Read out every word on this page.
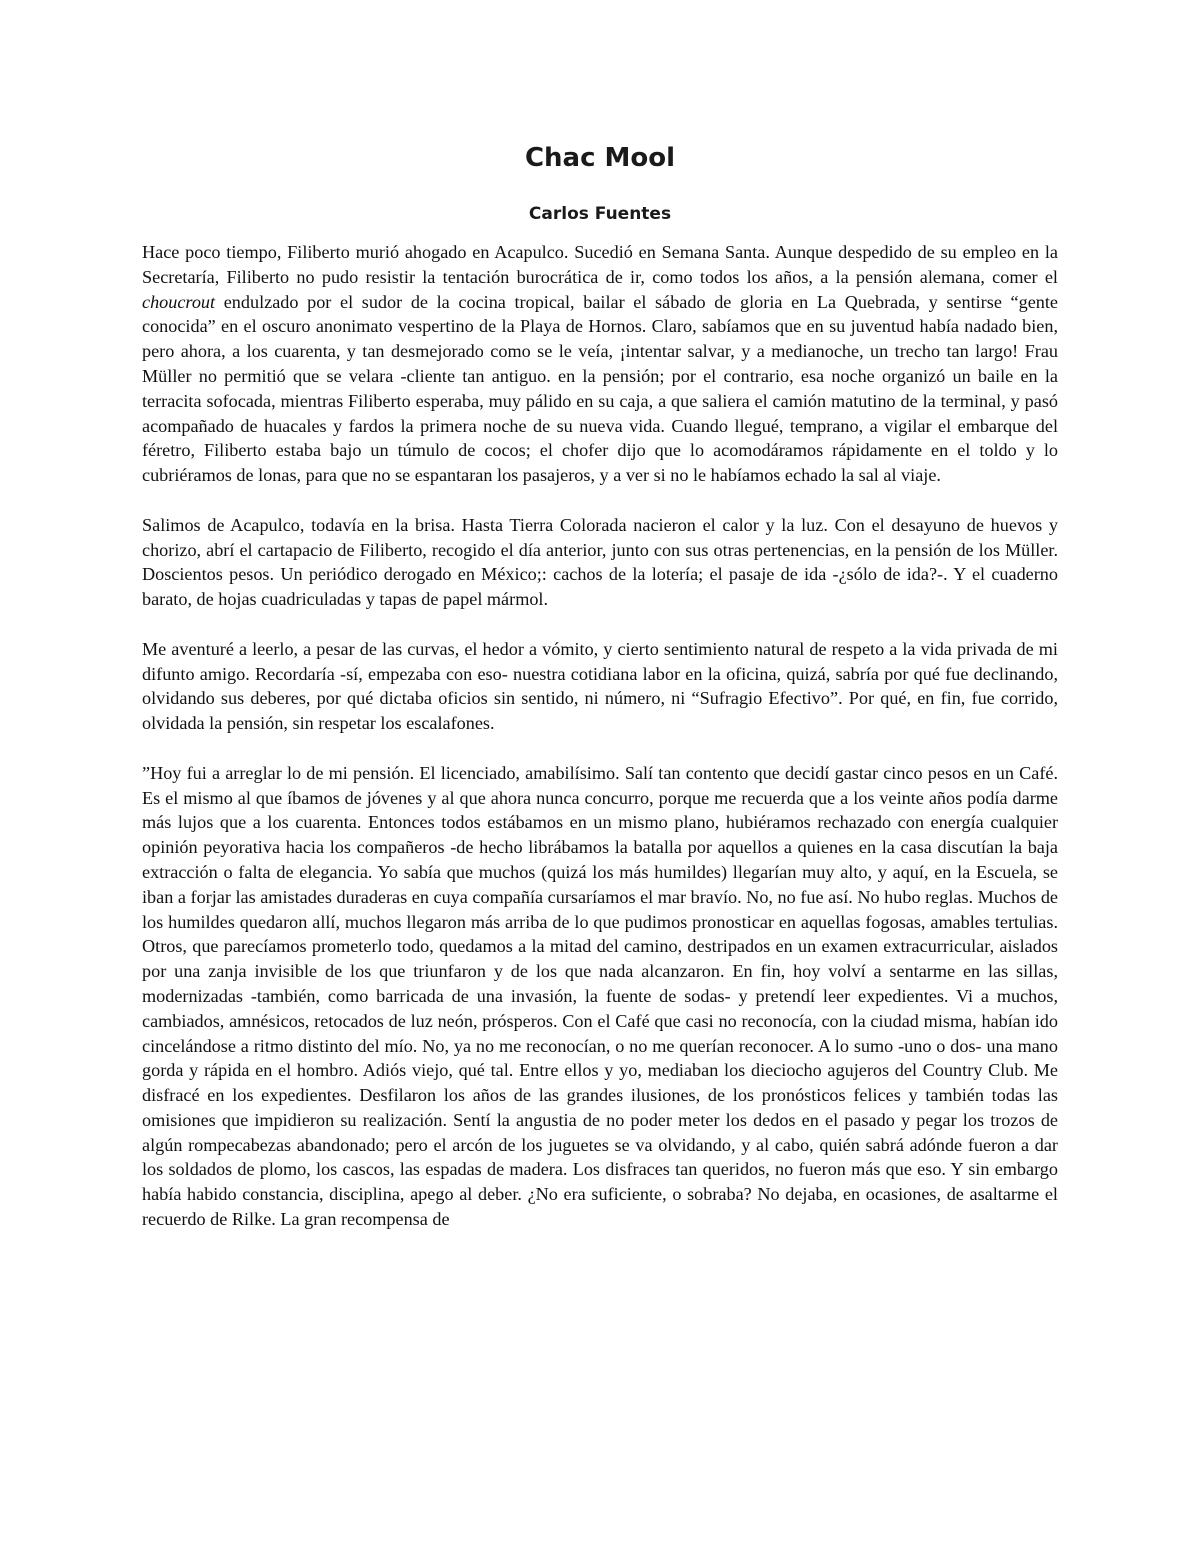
Chac Mool
Carlos Fuentes

Hace poco tiempo, Filiberto murió ahogado en Acapulco. Sucedió en Semana Santa. Aunque despedido de su empleo en la Secretaría, Filiberto no pudo resistir la tentación burocrática de ir, como todos los años, a la pensión alemana, comer el choucrout endulzado por el sudor de la cocina tropical, bailar el sábado de gloria en La Quebrada, y sentirse “gente conocida” en el oscuro anonimato vespertino de la Playa de Hornos. Claro, sabíamos que en su juventud había nadado bien, pero ahora, a los cuarenta, y tan desmejorado como se le veía, ¡intentar salvar, y a medianoche, un trecho tan largo! Frau Müller no permitió que se velara -cliente tan antiguo. en la pensión; por el contrario, esa noche organizó un baile en la terracita sofocada, mientras Filiberto esperaba, muy pálido en su caja, a que saliera el camión matutino de la terminal, y pasó acompañado de huacales y fardos la primera noche de su nueva vida. Cuando llegué, temprano, a vigilar el embarque del féretro, Filiberto estaba bajo un túmulo de cocos; el chofer dijo que lo acomodáramos rápidamente en el toldo y lo cubriéramos de lonas, para que no se espantaran los pasajeros, y a ver si no le habíamos echado la sal al viaje.

Salimos de Acapulco, todavía en la brisa. Hasta Tierra Colorada nacieron el calor y la luz. Con el desayuno de huevos y chorizo, abrí el cartapacio de Filiberto, recogido el día anterior, junto con sus otras pertenencias, en la pensión de los Müller. Doscientos pesos. Un periódico derogado en México;: cachos de la lotería; el pasaje de ida -¿sólo de ida?-. Y el cuaderno barato, de hojas cuadriculadas y tapas de papel mármol.

Me aventuré a leerlo, a pesar de las curvas, el hedor a vómito, y cierto sentimiento natural de respeto a la vida privada de mi difunto amigo. Recordaría -sí, empezaba con eso- nuestra cotidiana labor en la oficina, quizá, sabría por qué fue declinando, olvidando sus deberes, por qué dictaba oficios sin sentido, ni número, ni “Sufragio Efectivo”. Por qué, en fin, fue corrido, olvidada la pensión, sin respetar los escalafones.

”Hoy fui a arreglar lo de mi pensión. El licenciado, amabilísimo. Salí tan contento que decidí gastar cinco pesos en un Café. Es el mismo al que íbamos de jóvenes y al que ahora nunca concurro, porque me recuerda que a los veinte años podía darme más lujos que a los cuarenta. Entonces todos estábamos en un mismo plano, hubiéramos rechazado con energía cualquier opinión peyorativa hacia los compañeros -de hecho librábamos la batalla por aquellos a quienes en la casa discutían la baja extracción o falta de elegancia. Yo sabía que muchos (quizá los más humildes) llegarían muy alto, y aquí, en la Escuela, se iban a forjar las amistades duraderas en cuya compañía cursaríamos el mar bravío. No, no fue así. No hubo reglas. Muchos de los humildes quedaron allí, muchos llegaron más arriba de lo que pudimos pronosticar en aquellas fogosas, amables tertulias. Otros, que parecíamos prometerlo todo, quedamos a la mitad del camino, destripados en un examen extracurricular, aislados por una zanja invisible de los que triunfaron y de los que nada alcanzaron. En fin, hoy volví a sentarme en las sillas, modernizadas -también, como barricada de una invasión, la fuente de sodas- y pretendí leer expedientes. Vi a muchos, cambiados, amnésicos, retocados de luz neón, prósperos. Con el Café que casi no reconocía, con la ciudad misma, habían ido cincelándose a ritmo distinto del mío. No, ya no me reconocían, o no me querían reconocer. A lo sumo -uno o dos- una mano gorda y rápida en el hombro. Adiós viejo, qué tal. Entre ellos y yo, mediaban los dieciocho agujeros del Country Club. Me disfracé en los expedientes. Desfilaron los años de las grandes ilusiones, de los pronósticos felices y también todas las omisiones que impidieron su realización. Sentí la angustia de no poder meter los dedos en el pasado y pegar los trozos de algún rompecabezas abandonado; pero el arcón de los juguetes se va olvidando, y al cabo, quién sabrá adónde fueron a dar los soldados de plomo, los cascos, las espadas de madera. Los disfraces tan queridos, no fueron más que eso. Y sin embargo había habido constancia, disciplina, apego al deber. ¿No era suficiente, o sobraba? No dejaba, en ocasiones, de asaltarme el recuerdo de Rilke. La gran recompensa de
